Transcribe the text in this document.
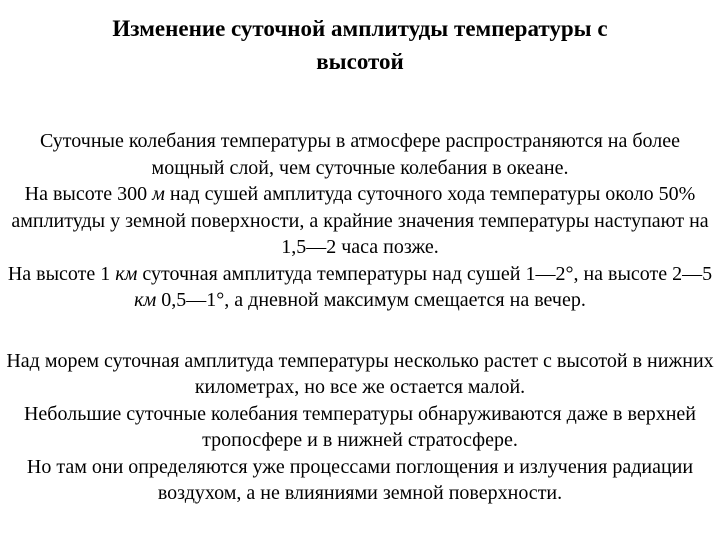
Изменение суточной амплитуды температуры с
высотой

Суточные колебания температуры в атмосфере распространяются на более мощный слой, чем суточные колебания в океане.

На высоте 300 м над сушей амплитуда суточного хода температуры около 50% амплитуды у земной поверхности, а крайние значения температуры наступают на 1,5—2 часа позже.

На высоте 1 км суточная амплитуда температуры над сушей 1—2°, на высоте 2—5 км 0,5—1°, а дневной максимум смещается на вечер.

Над морем суточная амплитуда температуры несколько растет с высотой в нижних километрах, но все же остается малой.

Небольшие суточные колебания температуры обнаруживаются даже в верхней тропосфере и в нижней стратосфере.

Но там они определяются уже процессами поглощения и излучения радиации воздухом, а не влияниями земной поверхности.
